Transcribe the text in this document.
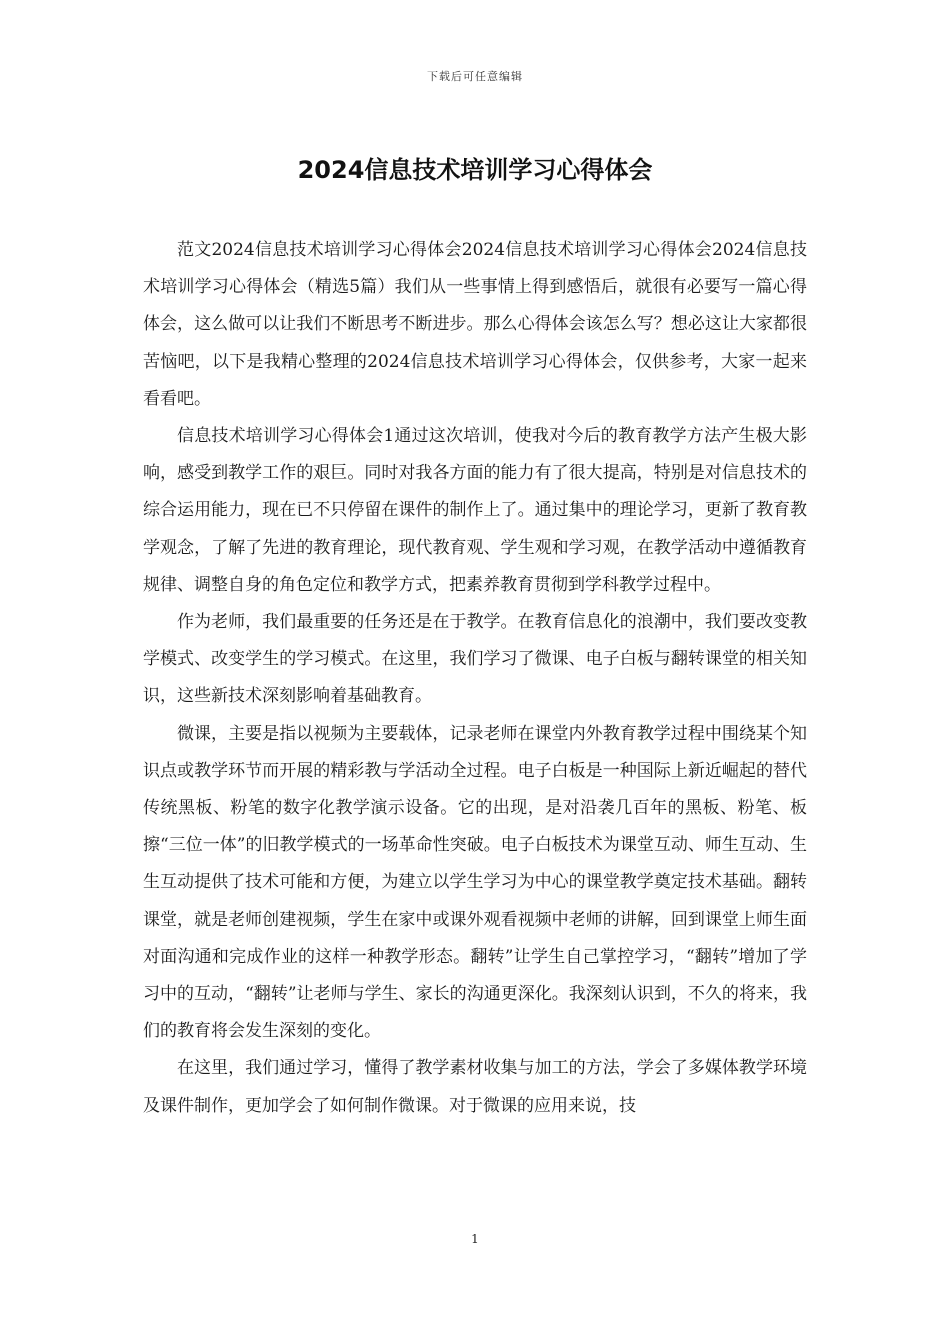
下载后可任意编辑
2024信息技术培训学习心得体会

范文2024信息技术培训学习心得体会2024信息技术培训学习心得体会2024信息技术培训学习心得体会（精选5篇）我们从一些事情上得到感悟后，就很有必要写一篇心得体会，这么做可以让我们不断思考不断进步。那么心得体会该怎么写？想必这让大家都很苦恼吧，以下是我精心整理的2024信息技术培训学习心得体会，仅供参考，大家一起来看看吧。

信息技术培训学习心得体会1通过这次培训，使我对今后的教育教学方法产生极大影响，感受到教学工作的艰巨。同时对我各方面的能力有了很大提高，特别是对信息技术的综合运用能力，现在已不只停留在课件的制作上了。通过集中的理论学习，更新了教育教学观念，了解了先进的教育理论，现代教育观、学生观和学习观，在教学活动中遵循教育规律、调整自身的角色定位和教学方式，把素养教育贯彻到学科教学过程中。

作为老师，我们最重要的任务还是在于教学。在教育信息化的浪潮中，我们要改变教学模式、改变学生的学习模式。在这里，我们学习了微课、电子白板与翻转课堂的相关知识，这些新技术深刻影响着基础教育。

微课，主要是指以视频为主要载体，记录老师在课堂内外教育教学过程中围绕某个知识点或教学环节而开展的精彩教与学活动全过程。电子白板是一种国际上新近崛起的替代传统黑板、粉笔的数字化教学演示设备。它的出现，是对沿袭几百年的黑板、粉笔、板擦“三位一体”的旧教学模式的一场革命性突破。电子白板技术为课堂互动、师生互动、生生互动提供了技术可能和方便，为建立以学生学习为中心的课堂教学奠定技术基础。翻转课堂，就是老师创建视频，学生在家中或课外观看视频中老师的讲解，回到课堂上师生面对面沟通和完成作业的这样一种教学形态。翻转”让学生自己掌控学习，“翻转”增加了学习中的互动，“翻转”让老师与学生、家长的沟通更深化。我深刻认识到，不久的将来，我们的教育将会发生深刻的变化。

在这里，我们通过学习，懂得了教学素材收集与加工的方法，学会了多媒体教学环境及课件制作，更加学会了如何制作微课。对于微课的应用来说，技

1
